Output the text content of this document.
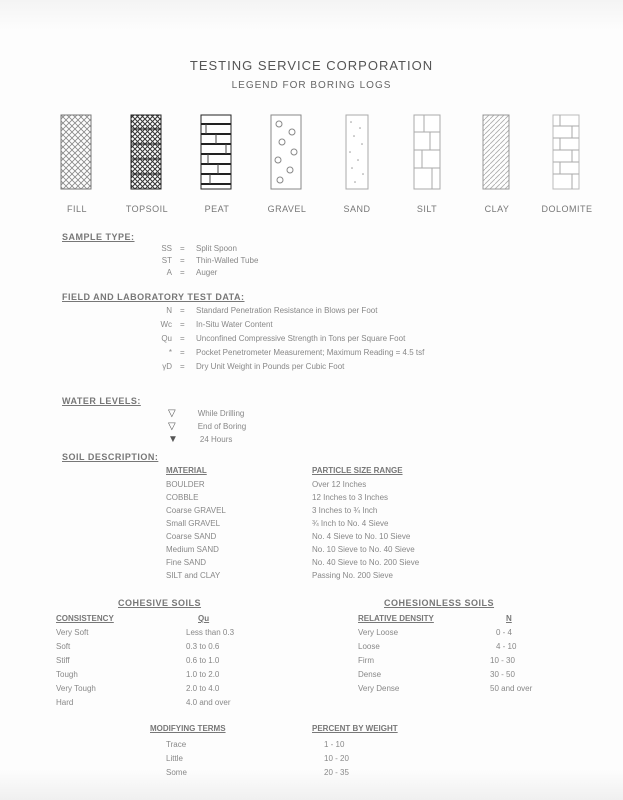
TESTING SERVICE CORPORATION
LEGEND FOR BORING LOGS
FILL	TOPSOIL	PEAT	GRAVEL	SAND	SILT	CLAY	DOLOMITE
SAMPLE TYPE:
SS = Split Spoon
ST = Thin-Walled Tube
A = Auger
FIELD AND LABORATORY TEST DATA:
N = Standard Penetration Resistance in Blows per Foot
Wc = In-Situ Water Content
Qu = Unconfined Compressive Strength in Tons per Square Foot
* = Pocket Penetrometer Measurement; Maximum Reading = 4.5 tsf
γD = Dry Unit Weight in Pounds per Cubic Foot
WATER LEVELS:
▽	While Drilling
▽	End of Boring
▼	24 Hours
SOIL DESCRIPTION:
MATERIAL	PARTICLE SIZE RANGE
BOULDER	Over 12 Inches
COBBLE	12 Inches to 3 Inches
Coarse GRAVEL	3 Inches to ¾ Inch
Small GRAVEL	¾ Inch to No. 4 Sieve
Coarse SAND	No. 4 Sieve to No. 10 Sieve
Medium SAND	No. 10 Sieve to No. 40 Sieve
Fine SAND	No. 40 Sieve to No. 200 Sieve
SILT and CLAY	Passing No. 200 Sieve
COHESIVE SOILS
CONSISTENCY	Qu
Very Soft	Less than 0.3
Soft	0.3 to 0.6
Stiff	0.6 to 1.0
Tough	1.0 to 2.0
Very Tough	2.0 to 4.0
Hard	4.0 and over
COHESIONLESS SOILS
RELATIVE DENSITY	N
Very Loose	0 - 4
Loose	4 - 10
Firm	10 - 30
Dense	30 - 50
Very Dense	50 and over
MODIFYING TERMS	PERCENT BY WEIGHT
Trace	1 - 10
Little	10 - 20
Some	20 - 35
